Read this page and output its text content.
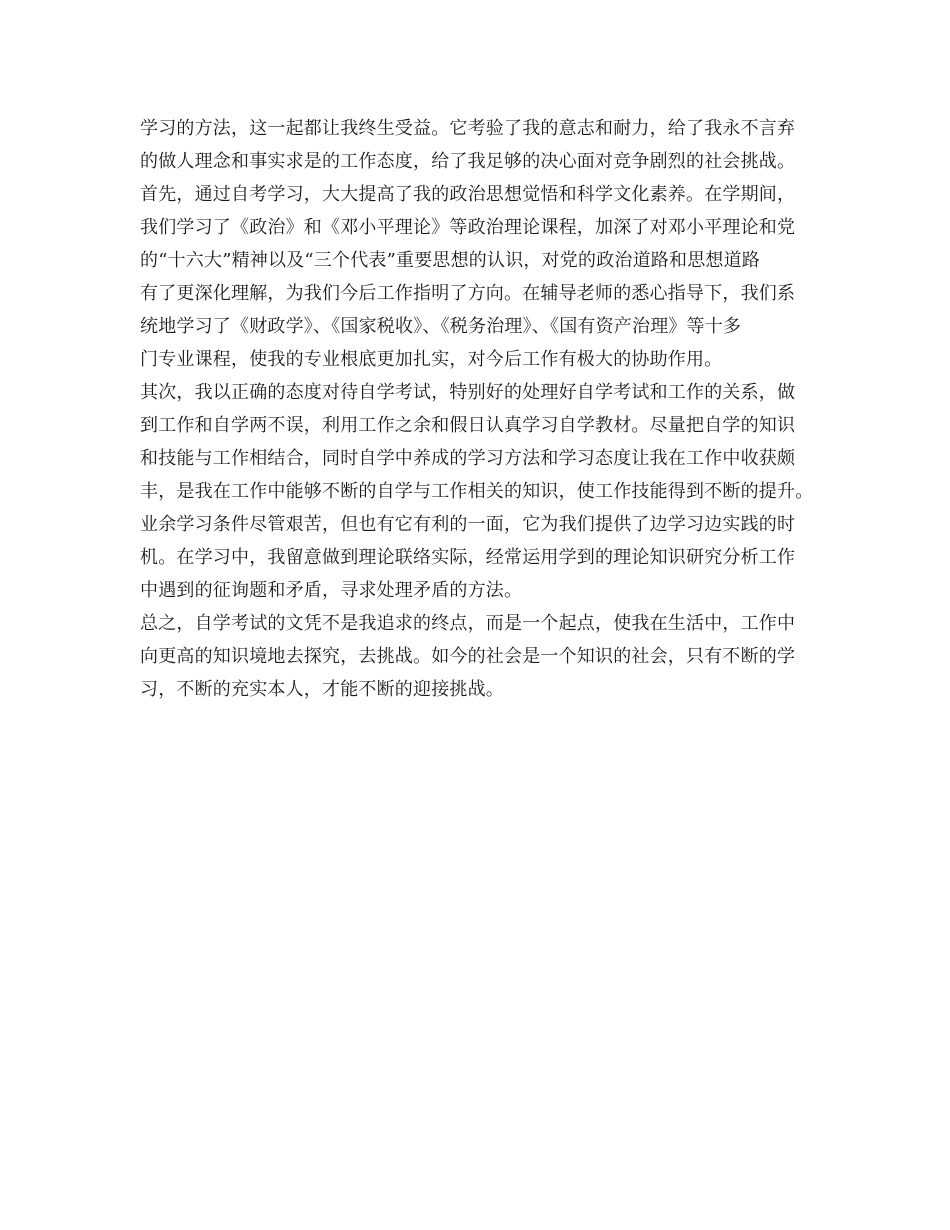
学习的方法，这一起都让我终生受益。它考验了我的意志和耐力，给了我永不言弃
的做人理念和事实求是的工作态度，给了我足够的决心面对竞争剧烈的社会挑战。
首先，通过自考学习，大大提高了我的政治思想觉悟和科学文化素养。在学期间，
我们学习了《政治》和《邓小平理论》等政治理论课程，加深了对邓小平理论和党
的“十六大”精神以及“三个代表”重要思想的认识，对党的政治道路和思想道路
有了更深化理解，为我们今后工作指明了方向。在辅导老师的悉心指导下，我们系
统地学习了《财政学》、《国家税收》、《税务治理》、《国有资产治理》等十多
门专业课程，使我的专业根底更加扎实，对今后工作有极大的协助作用。
其次，我以正确的态度对待自学考试，特别好的处理好自学考试和工作的关系，做
到工作和自学两不误，利用工作之余和假日认真学习自学教材。尽量把自学的知识
和技能与工作相结合，同时自学中养成的学习方法和学习态度让我在工作中收获颇
丰，是我在工作中能够不断的自学与工作相关的知识，使工作技能得到不断的提升。
业余学习条件尽管艰苦，但也有它有利的一面，它为我们提供了边学习边实践的时
机。在学习中，我留意做到理论联络实际，经常运用学到的理论知识研究分析工作
中遇到的征询题和矛盾，寻求处理矛盾的方法。
总之，自学考试的文凭不是我追求的终点，而是一个起点，使我在生活中，工作中
向更高的知识境地去探究，去挑战。如今的社会是一个知识的社会，只有不断的学
习，不断的充实本人，才能不断的迎接挑战。
